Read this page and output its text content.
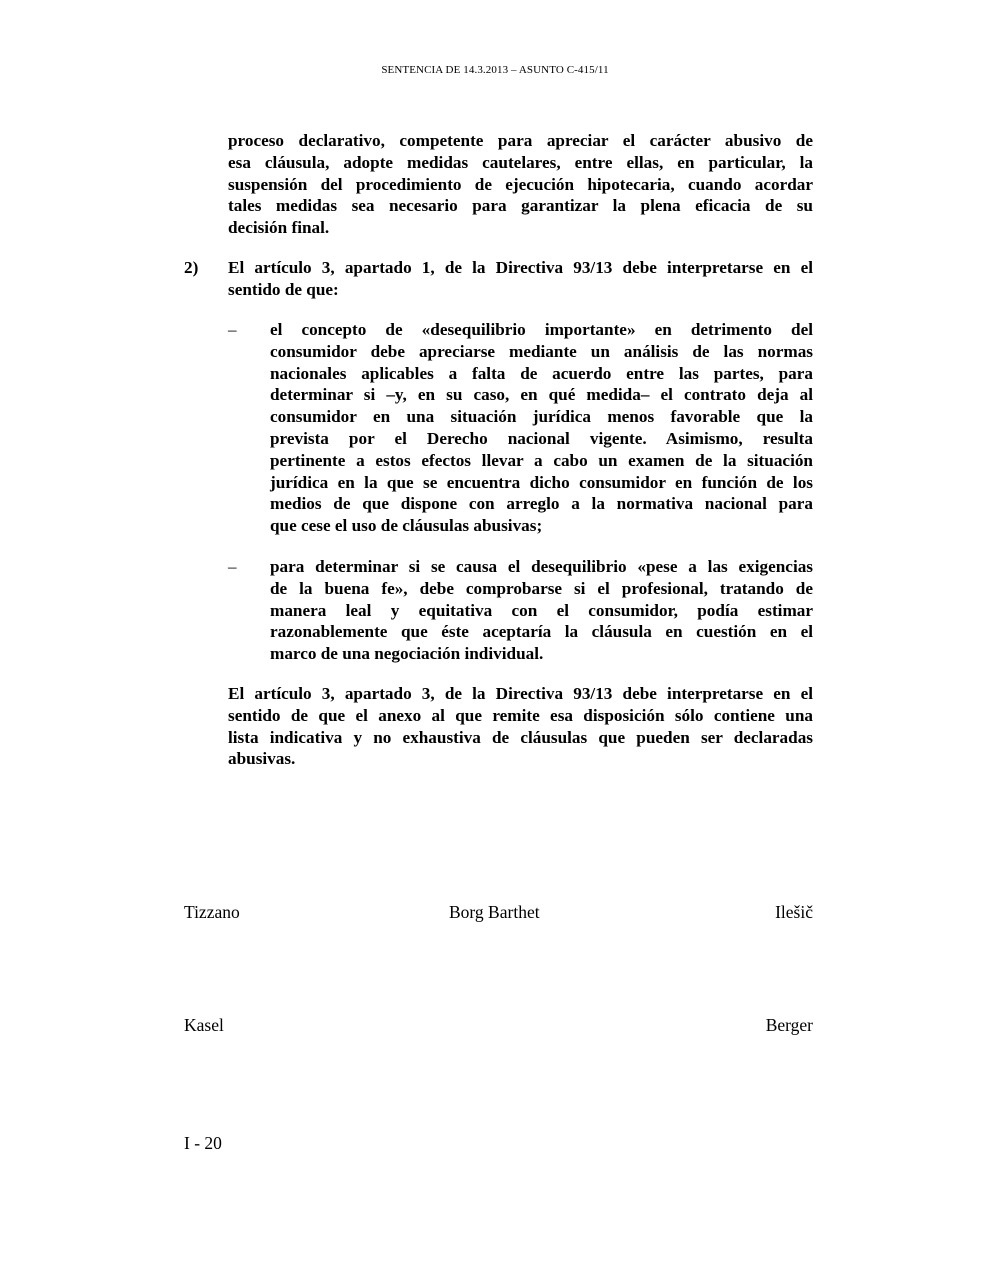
SENTENCIA DE 14.3.2013 – ASUNTO C-415/11
proceso declarativo, competente para apreciar el carácter abusivo de
esa cláusula, adopte medidas cautelares, entre ellas, en particular, la
suspensión del procedimiento de ejecución hipotecaria, cuando acordar
tales medidas sea necesario para garantizar la plena eficacia de su
decisión final.
2) El artículo 3, apartado 1, de la Directiva 93/13 debe interpretarse en el
sentido de que:
– el concepto de «desequilibrio importante» en detrimento del
consumidor debe apreciarse mediante un análisis de las normas
nacionales aplicables a falta de acuerdo entre las partes, para
determinar si –y, en su caso, en qué medida– el contrato deja al
consumidor en una situación jurídica menos favorable que la
prevista por el Derecho nacional vigente. Asimismo, resulta
pertinente a estos efectos llevar a cabo un examen de la situación
jurídica en la que se encuentra dicho consumidor en función de los
medios de que dispone con arreglo a la normativa nacional para
que cese el uso de cláusulas abusivas;
– para determinar si se causa el desequilibrio «pese a las exigencias
de la buena fe», debe comprobarse si el profesional, tratando de
manera leal y equitativa con el consumidor, podía estimar
razonablemente que éste aceptaría la cláusula en cuestión en el
marco de una negociación individual.
El artículo 3, apartado 3, de la Directiva 93/13 debe interpretarse en el
sentido de que el anexo al que remite esa disposición sólo contiene una
lista indicativa y no exhaustiva de cláusulas que pueden ser declaradas
abusivas.
Tizzano	Borg Barthet	Ilešič
Kasel	Berger
I - 20
